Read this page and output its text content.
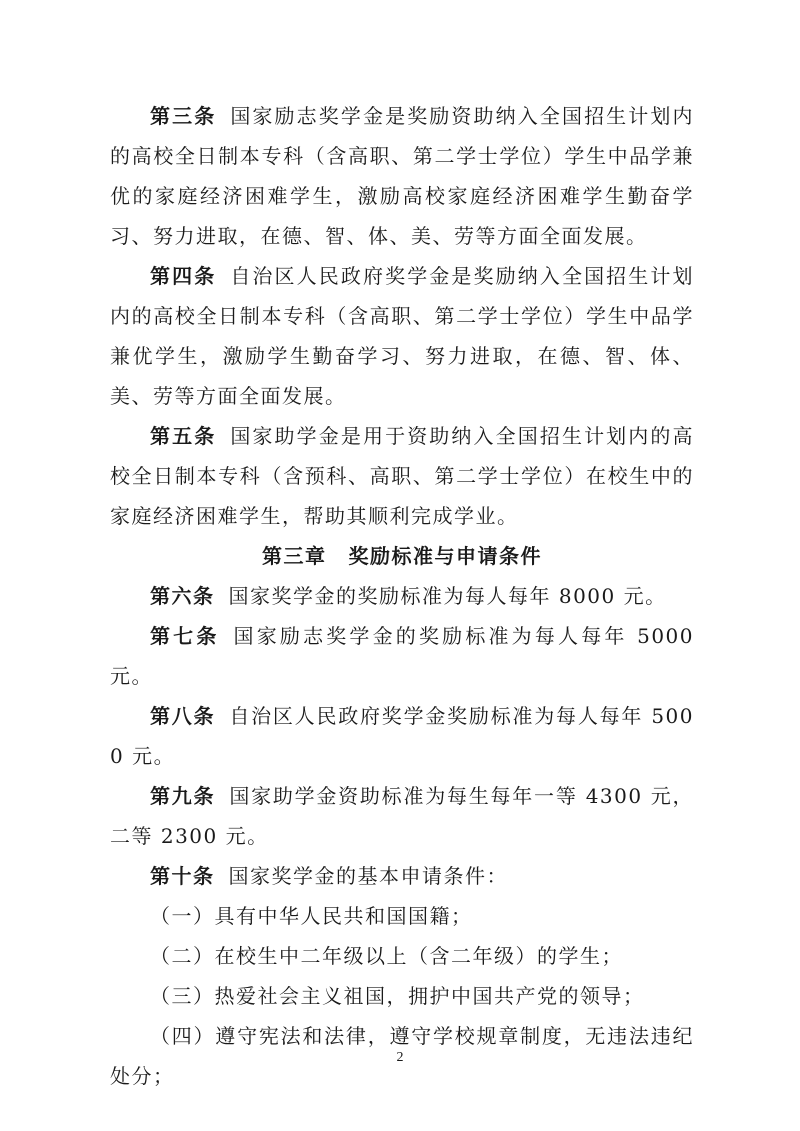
第三条 国家励志奖学金是奖励资助纳入全国招生计划内的高校全日制本专科（含高职、第二学士学位）学生中品学兼优的家庭经济困难学生，激励高校家庭经济困难学生勤奋学习、努力进取，在德、智、体、美、劳等方面全面发展。

第四条 自治区人民政府奖学金是奖励纳入全国招生计划内的高校全日制本专科（含高职、第二学士学位）学生中品学兼优学生，激励学生勤奋学习、努力进取，在德、智、体、美、劳等方面全面发展。

第五条 国家助学金是用于资助纳入全国招生计划内的高校全日制本专科（含预科、高职、第二学士学位）在校生中的家庭经济困难学生，帮助其顺利完成学业。

第三章 奖励标准与申请条件

第六条 国家奖学金的奖励标准为每人每年 8000 元。

第七条 国家励志奖学金的奖励标准为每人每年 5000 元。

第八条 自治区人民政府奖学金奖励标准为每人每年 5000 元。

第九条 国家助学金资助标准为每生每年一等 4300 元，二等 2300 元。

第十条 国家奖学金的基本申请条件：

（一）具有中华人民共和国国籍；

（二）在校生中二年级以上（含二年级）的学生；

（三）热爱社会主义祖国，拥护中国共产党的领导；

（四）遵守宪法和法律，遵守学校规章制度，无违法违纪处分；

2
